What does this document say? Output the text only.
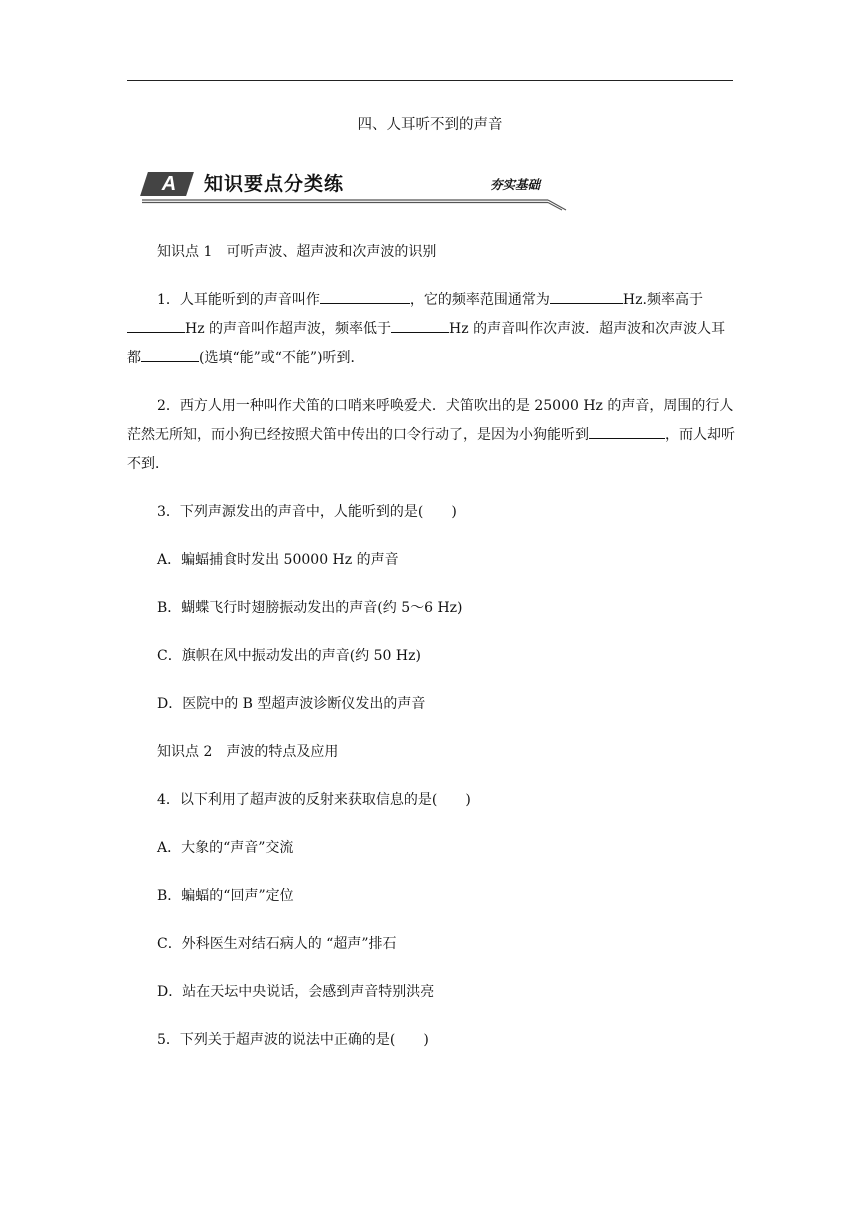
四、人耳听不到的声音
A	知识要点分类练	夯实基础

知识点 1　可听声波、超声波和次声波的识别

1．人耳能听到的声音叫作	，它的频率范围通常为	Hz.频率高于Hz 的声音叫作超声波，频率低于	Hz 的声音叫作次声波．超声波和次声波人耳都	(选填“能”或“不能”)听到．

2．西方人用一种叫作犬笛的口哨来呼唤爱犬．犬笛吹出的是 25000 Hz 的声音，周围的行人茫然无所知，而小狗已经按照犬笛中传出的口令行动了，是因为小狗能听到	，而人却听不到．

3．下列声源发出的声音中，人能听到的是(　　)

A．蝙蝠捕食时发出 50000 Hz 的声音

B．蝴蝶飞行时翅膀振动发出的声音(约 5～6 Hz)

C．旗帜在风中振动发出的声音(约 50 Hz)

D．医院中的 B 型超声波诊断仪发出的声音

知识点 2　声波的特点及应用

4．以下利用了超声波的反射来获取信息的是(　　)

A．大象的“声音”交流

B．蝙蝠的“回声”定位

C．外科医生对结石病人的 “超声”排石

D．站在天坛中央说话，会感到声音特别洪亮

5．下列关于超声波的说法中正确的是(　　)
